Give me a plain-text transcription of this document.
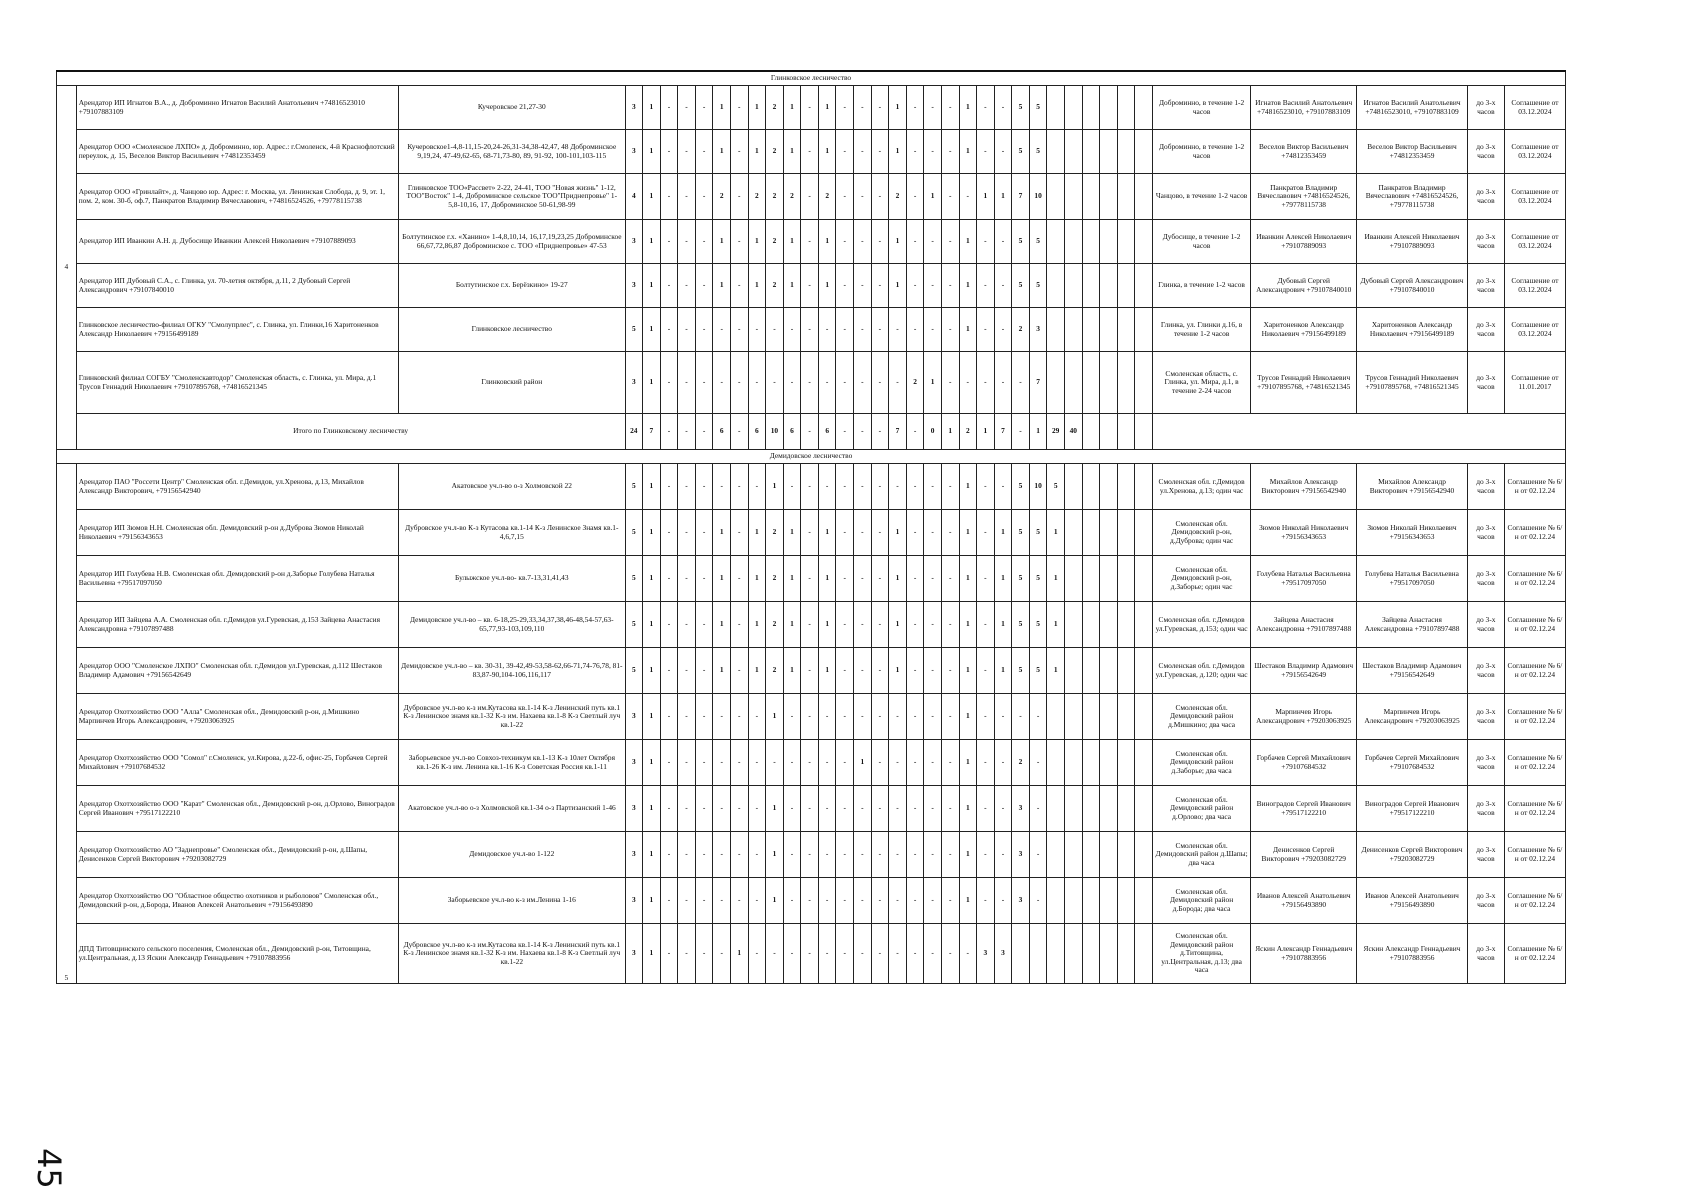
Глинковское лесничество																																					
4	Арендатор ИП Игнатов В.А., д. Доброминно Игнатов Василий Анатольевич +74816523010 +79107883109	Кучеровское 21,27-30	3	1	-	-	-	1	-	1	2	1	-	1	-	-	-	1	-	-	-	1	-	-	5	5							Доброминно, в течение 1-2 часов	Игнатов Василий Анатольевич +74816523010, +79107883109	Игнатов Василий Анатольевич +74816523010, +79107883109	до 3-х часов	Соглашение от 03.12.2024
	Арендатор ООО «Смоленское ЛХПО» д. Доброминно, юр. Адрес.: г.Смоленск, 4-й Краснофлотский переулок, д. 15, Веселов Виктор Васильевич +74812353459	Кучеровское1-4,8-11,15-20,24-26,31-34,38-42,47, 48 Доброминское 9,19,24, 47-49,62-65, 68-71,73-80, 89, 91-92, 100-101,103-115	3	1	-	-	-	1	-	1	2	1	-	1	-	-	-	1	-	-	-	1	-	-	5	5							Доброминно, в течение 1-2 часов	Веселов Виктор Васильевич +74812353459	Веселов Виктор Васильевич +74812353459	до 3-х часов	Соглашение от 03.12.2024
	Арендатор ООО «Гринлайт», д. Чанцово юр. Адрес: г. Москва, ул. Ленинская Слобода, д. 9, эт. 1, пом. 2, ком. 30-б, оф.7, Панкратов Владимир Вячеславович, +74816524526, +79778115738	Глинковское ТОО«Рассвет» 2-22, 24-41, ТОО "Новая жизнь" 1-12, ТОО"Восток" 1-4, Доброминское сельское ТОО"Приднепровье" 1-5,8-10,16, 17, Доброминское 50-61,98-99	4	1	-	-	-	2	-	2	2	2	-	2	-	-	-	2	-	1	-	-	1	1	7	10							Чанцово, в течение 1-2 часов	Панкратов Владимир Вячеславович +74816524526, +79778115738	Панкратов Владимир Вячеславович +74816524526, +79778115738	до 3-х часов	Соглашение от 03.12.2024
	Арендатор ИП Иванкин А.Н. д. Дубосище Иванкин Алексей Николаевич +79107889093	Болтутинское г.х. «Ханино» 1-4,8,10,14, 16,17,19,23,25 Доброминское 66,67,72,86,87 Доброминское с. ТОО «Приднепровье» 47-53	3	1	-	-	-	1	-	1	2	1	-	1	-	-	-	1	-	-	-	1	-	-	5	5							Дубосище, в течение 1-2 часов	Иванкин Алексей Николаевич +79107889093	Иванкин Алексей Николаевич +79107889093	до 3-х часов	Соглашение от 03.12.2024
	Арендатор ИП Дубовый С.А., с. Глинка, ул. 70-летия октября, д.11, 2 Дубовый Сергей Александрович +79107840010	Болтутинское г.х. Берёзкино» 19-27	3	1	-	-	-	1	-	1	2	1	-	1	-	-	-	1	-	-	-	1	-	-	5	5							Глинка, в течение 1-2 часов	Дубовый Сергей Александрович +79107840010	Дубовый Сергей Александрович +79107840010	до 3-х часов	Соглашение от 03.12.2024
	Глинковское лесничество-филиал ОГКУ "Смолупрлес", с. Глинка, ул. Глинки,16 Харитоненков Александр Николаевич +79156499189	Глинковское лесничество	5	1	-	-	-	-	-	-	-	-	-	-	-	-	-	-	-	-	-	1	-	-	2	3							Глинка, ул. Глинки д.16, в течение 1-2 часов	Харитоненков Александр Николаевич +79156499189	Харитоненков Александр Николаевич +79156499189	до 3-х часов	Соглашение от 03.12.2024
	Глинковский филиал СОГБУ "Смоленскавтодор" Смоленская область, с. Глинка, ул. Мира, д.1 Трусов Геннадий Николаевич +79107895768, +74816521345	Глинковский район	3	1	-	-	-	-	-	-	-	-	-	-	-	-	-	-	2	1	-	-	-	-	-	7							Смоленская область, с. Глинка, ул. Мира, д.1, в течение 2-24 часов	Трусов Геннадий Николаевич +79107895768, +74816521345	Трусов Геннадий Николаевич +79107895768, +74816521345	до 3-х часов	Соглашение от 11.01.2017
	Итого по Глинковскому лесничеству		24	7	-	-	-	6	-	6	10	6	-	6	-	-	-	7	-	0	1	2	1	7	-	1	29	40									
Демидовское лесничество																																					
5	Арендатор ПАО "Россети Центр" Смоленская обл. г.Демидов, ул.Хренова, д.13, Михайлов Александр Викторович, +79156542940	Акатовское уч.л-во о-з Холмовской 22	5	1	-	-	-	-	-	-	1	-	-	-	-	-	-	-	-	-	-	1	-	-	5	10	5						Смоленская обл. г.Демидов ул.Хренова, д.13; один час	Михайлов Александр Викторович +79156542940	Михайлов Александр Викторович +79156542940	до 3-х часов	Соглашение № 6/н от 02.12.24
	Арендатор ИП Зюмов Н.Н. Смоленская обл. Демидовский р-он д.Дуброва Зюмов Николай Николаевич +79156343653	Дубровское уч.л-во К-з Кутасова кв.1-14 К-з Ленинское Знамя кв.1-4,6,7,15	5	1	-	-	-	1	-	1	2	1	-	1	-	-	-	1	-	-	-	1	-	1	5	5	1						Смоленская обл. Демидовский р-он, д.Дуброва; один час	Зюмов Николай Николаевич +79156343653	Зюмов Николай Николаевич +79156343653	до 3-х часов	Соглашение № 6/н от 02.12.24
	Арендатор ИП Голубева Н.В. Смоленская обл. Демидовский р-он д.Заборье Голубева Наталья Васильевна +79517097050	Булыжское уч.л-во- кв.7-13,31,41,43	5	1	-	-	-	1	-	1	2	1	-	1	-	-	-	1	-	-	-	1	-	1	5	5	1						Смоленская обл. Демидовский р-он, д.Заборье; один час	Голубева Наталья Васильевна +79517097050	Голубева Наталья Васильевна +79517097050	до 3-х часов	Соглашение № 6/н от 02.12.24
	Арендатор ИП Зайцева А.А. Смоленская обл. г.Демидов ул.Гуревская, д.153 Зайцева Анастасия Александровна +79107897488	Демидовское уч.л-во – кв. 6-18,25-29,33,34,37,38,46-48,54-57,63-65,77,93-103,109,110	5	1	-	-	-	1	-	1	2	1	-	1	-	-	-	1	-	-	-	1	-	1	5	5	1						Смоленская обл. г.Демидов ул.Гуревская, д.153; один час	Зайцева Анастасия Александровна +79107897488	Зайцева Анастасия Александровна +79107897488	до 3-х часов	Соглашение № 6/н от 02.12.24
	Арендатор ООО "Смоленское ЛХПО" Смоленская обл. г.Демидов ул.Гуревская, д.112 Шестаков Владимир Адамович +79156542649	Демидовское уч.л-во – кв. 30-31, 39-42,49-53,58-62,66-71,74-76,78, 81-83,87-90,104-106,116,117	5	1	-	-	-	1	-	1	2	1	-	1	-	-	-	1	-	-	-	1	-	1	5	5	1						Смоленская обл. г.Демидов ул.Гуревская, д.120; один час	Шестаков Владимир Адамович +79156542649	Шестаков Владимир Адамович +79156542649	до 3-х часов	Соглашение № 6/н от 02.12.24
	Арендатор Охотхозяйство ООО "Алла" Смоленская обл., Демидовский р-он, д.Мишкино Марпинчев Игорь Александрович, +79203063925	Дубровское уч.л-во к-з им.Кутасова кв.1-14 К-з Ленинский путь кв.1 К-з Ленинское знамя кв.1-32 К-з им. Нахаева кв.1-8 К-з Светлый луч кв.1-22	3	1	-	-	-	-	-	-	1	-	-	-	-	-	-	-	-	-	-	1	-	-	-	-							Смоленская обл. Демидовский район д.Мишкино; два часа	Марпинчев Игорь Александрович +79203063925	Марпинчев Игорь Александрович +79203063925	до 3-х часов	Соглашение № 6/н от 02.12.24
	Арендатор Охотхозяйство ООО "Сомол" г.Смоленск, ул.Кирова, д.22-б, офис-25, Горбачев Сергей Михайлович +79107684532	Заборьевское уч.л-во Совхоз-техникум кв.1-13 К-з 10лет Октября кв.1-26 К-з им. Ленина кв.1-16 К-з Советская Россия кв.1-11	3	1	-	-	-	-	-	-	-	-	-	-	-	1	-	-	-	-	-	1	-	-	2	-							Смоленская обл. Демидовский район д.Заборье; два часа	Горбачев Сергей Михайлович +79107684532	Горбачев Сергей Михайлович +79107684532	до 3-х часов	Соглашение № 6/н от 02.12.24
	Арендатор Охотхозяйство ООО "Карат" Смоленская обл., Демидовский р-он, д.Орлово, Виноградов Сергей Иванович +79517122210	Акатовское уч.л-во о-з Холмовской кв.1-34 о-з Партизанский 1-46	3	1	-	-	-	-	-	-	1	-	-	-	-	-	-	-	-	-	-	1	-	-	3	-							Смоленская обл. Демидовский район д.Орлово; два часа	Виноградов Сергей Иванович +79517122210	Виноградов Сергей Иванович +79517122210	до 3-х часов	Соглашение № 6/н от 02.12.24
	Арендатор Охотхозяйство АО "Заднепровье" Смоленская обл., Демидовский р-он, д.Шапы, Денисенков Сергей Викторович +79203082729	Демидовское уч.л-во 1-122	3	1	-	-	-	-	-	-	1	-	-	-	-	-	-	-	-	-	-	1	-	-	3	-							Смоленская обл. Демидовский район д.Шапы; два часа	Денисенков Сергей Викторович +79203082729	Денисенков Сергей Викторович +79203082729	до 3-х часов	Соглашение № 6/н от 02.12.24
	Арендатор Охотхозяйство ОО "Областное общество охотников и рыболовов" Смоленская обл., Демидовский р-он, д.Борода, Иванов Алексей Анатольевич +79156493890	Заборьевское уч.л-во к-з им.Ленина 1-16	3	1	-	-	-	-	-	-	1	-	-	-	-	-	-	-	-	-	-	1	-	-	3	-							Смоленская обл. Демидовский район д.Борода; два часа	Иванов Алексей Анатольевич +79156493890	Иванов Алексей Анатольевич +79156493890	до 3-х часов	Соглашение № 6/н от 02.12.24
	ДПД Титовщинского сельского поселения, Смоленская обл., Демидовский р-он, Титовщина, ул.Центральная, д.13 Яскин Александр Геннадьевич +79107883956	Дубровское уч.л-во к-з им.Кутасова кв.1-14 К-з Ленинский путь кв.1 К-з Ленинское знамя кв.1-32 К-з им. Нахаева кв.1-8 К-з Светлый луч кв.1-22	3	1	-	-	-	-	1	-	-	-	-	-	-	-	-	-	-	-	-	-	3	3									Смоленская обл. Демидовский район д.Титовщина, ул.Центральная, д.13; два часа	Яскин Александр Геннадьевич +79107883956	Яскин Александр Геннадьевич +79107883956	до 3-х часов	Соглашение № 6/н от 02.12.24
45
